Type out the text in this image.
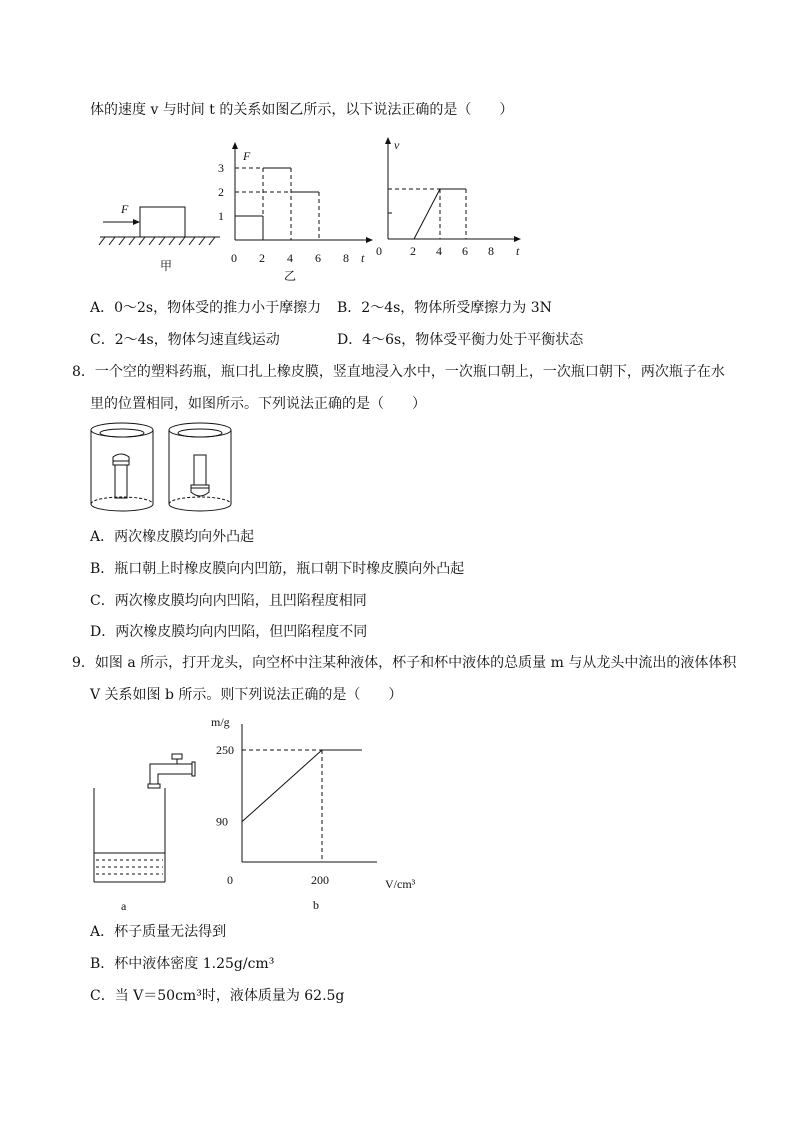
体的速度 v 与时间 t 的关系如图乙所示，以下说法正确的是（　　）
F
甲
F
0 2 4 6 8 t
1
2
3
乙
v
0 2 4 6 8 t
A．0～2s，物体受的推力小于摩擦力 B．2～4s，物体所受摩擦力为 3N
C．2～4s，物体匀速直线运动	D．4～6s，物体受平衡力处于平衡状态
8．一个空的塑料药瓶，瓶口扎上橡皮膜，竖直地浸入水中，一次瓶口朝上，一次瓶口朝下，两次瓶子在水
里的位置相同，如图所示。下列说法正确的是（　　）
A．两次橡皮膜均向外凸起
B．瓶口朝上时橡皮膜向内凹筋，瓶口朝下时橡皮膜向外凸起
C．两次橡皮膜均向内凹陷，且凹陷程度相同
D．两次橡皮膜均向内凹陷，但凹陷程度不同
9．如图 a 所示，打开龙头，向空杯中注某种液体，杯子和杯中液体的总质量 m 与从龙头中流出的液体体积
V 关系如图 b 所示。则下列说法正确的是（　　）
a
m/g
V/cm³
0
90
250
200
b
A．杯子质量无法得到
B．杯中液体密度 1.25g/cm³
C．当 V＝50cm³时，液体质量为 62.5g
